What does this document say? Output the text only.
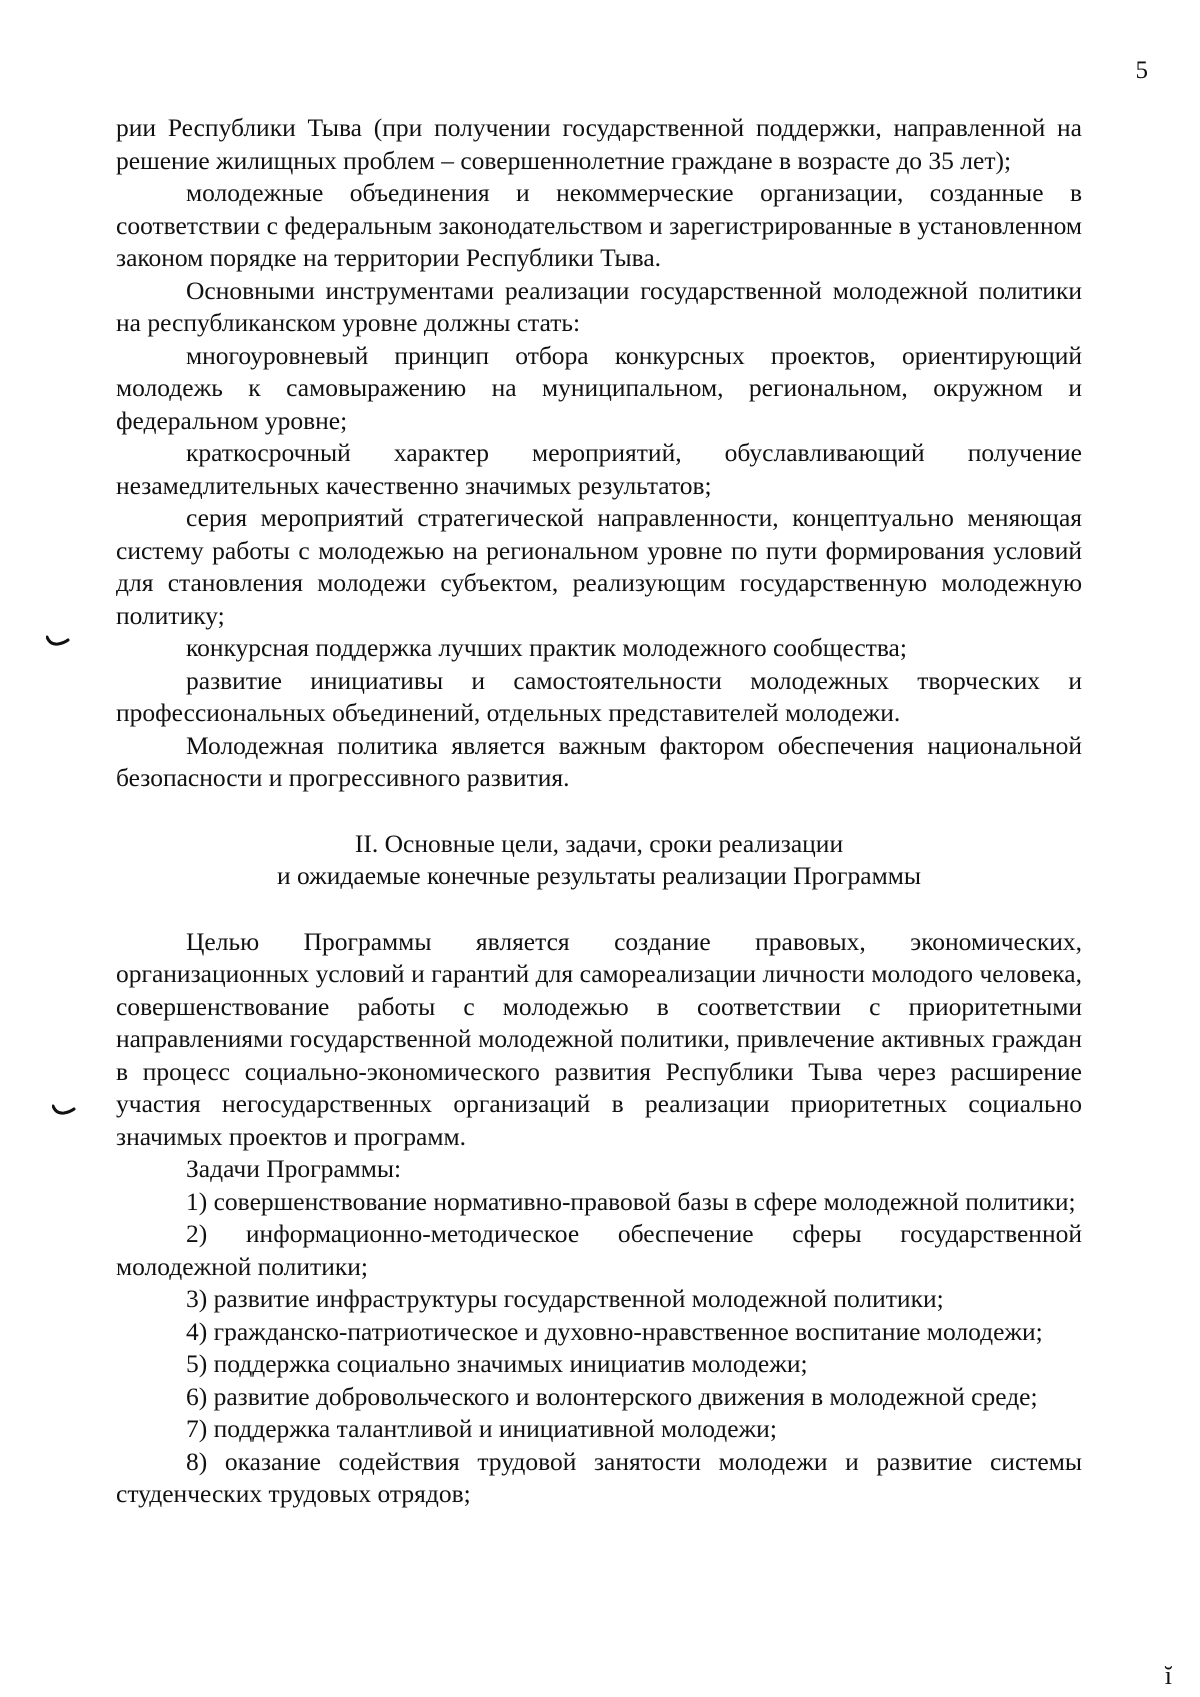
5

рии Республики Тыва (при получении государственной поддержки, направленной на решение жилищных проблем – совершеннолетние граждане в возрасте до 35 лет);

молодежные объединения и некоммерческие организации, созданные в соответствии с федеральным законодательством и зарегистрированные в установленном законом порядке на территории Республики Тыва.

Основными инструментами реализации государственной молодежной политики на республиканском уровне должны стать:

многоуровневый принцип отбора конкурсных проектов, ориентирующий молодежь к самовыражению на муниципальном, региональном, окружном и федеральном уровне;

краткосрочный характер мероприятий, обуславливающий получение незамедлительных качественно значимых результатов;

серия мероприятий стратегической направленности, концептуально меняющая систему работы с молодежью на региональном уровне по пути формирования условий для становления молодежи субъектом, реализующим государственную молодежную политику;

конкурсная поддержка лучших практик молодежного сообщества;

развитие инициативы и самостоятельности молодежных творческих и профессиональных объединений, отдельных представителей молодежи.

Молодежная политика является важным фактором обеспечения национальной безопасности и прогрессивного развития.

II. Основные цели, задачи, сроки реализации
и ожидаемые конечные результаты реализации Программы

Целью Программы является создание правовых, экономических, организационных условий и гарантий для самореализации личности молодого человека, совершенствование работы с молодежью в соответствии с приоритетными направлениями государственной молодежной политики, привлечение активных граждан в процесс социально-экономического развития Республики Тыва через расширение участия негосударственных организаций в реализации приоритетных социально значимых проектов и программ.

Задачи Программы:

1) совершенствование нормативно-правовой базы в сфере молодежной политики;

2) информационно-методическое обеспечение сферы государственной молодежной политики;

3) развитие инфраструктуры государственной молодежной политики;

4) гражданско-патриотическое и духовно-нравственное воспитание молодежи;

5) поддержка социально значимых инициатив молодежи;

6) развитие добровольческого и волонтерского движения в молодежной среде;

7) поддержка талантливой и инициативной молодежи;

8) оказание содействия трудовой занятости молодежи и развитие системы студенческих трудовых отрядов;

ĭ
